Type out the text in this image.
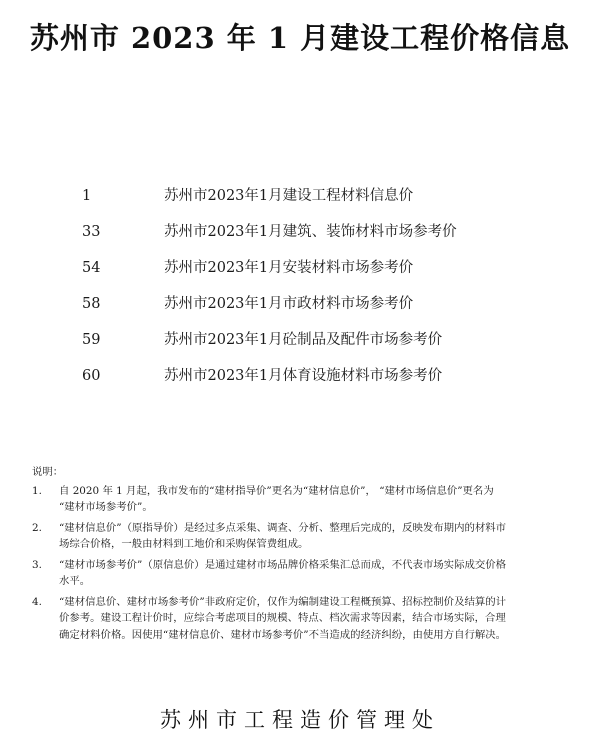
苏州市 2023 年 1 月建设工程价格信息
1	苏州市2023年1月建设工程材料信息价
33	苏州市2023年1月建筑、装饰材料市场参考价
54	苏州市2023年1月安装材料市场参考价
58	苏州市2023年1月市政材料市场参考价
59	苏州市2023年1月砼制品及配件市场参考价
60	苏州市2023年1月体育设施材料市场参考价
说明：
1. 自 2020 年 1 月起，我市发布的“建材指导价”更名为“建材信息价”， “建材市场信息价”更名为
“建材市场参考价”。
2. “建材信息价”（原指导价）是经过多点采集、调查、分析、整理后完成的，反映发布期内的材料市
场综合价格，一般由材料到工地价和采购保管费组成。
3. “建材市场参考价”（原信息价）是通过建材市场品牌价格采集汇总而成，不代表市场实际成交价格
水平。
4. “建材信息价、建材市场参考价”非政府定价，仅作为编制建设工程概预算、招标控制价及结算的计
价参考。建设工程计价时，应综合考虑项目的规模、特点、档次需求等因素，结合市场实际，合理
确定材料价格。因使用“建材信息价、建材市场参考价”不当造成的经济纠纷，由使用方自行解决。
苏州市工程造价管理处
